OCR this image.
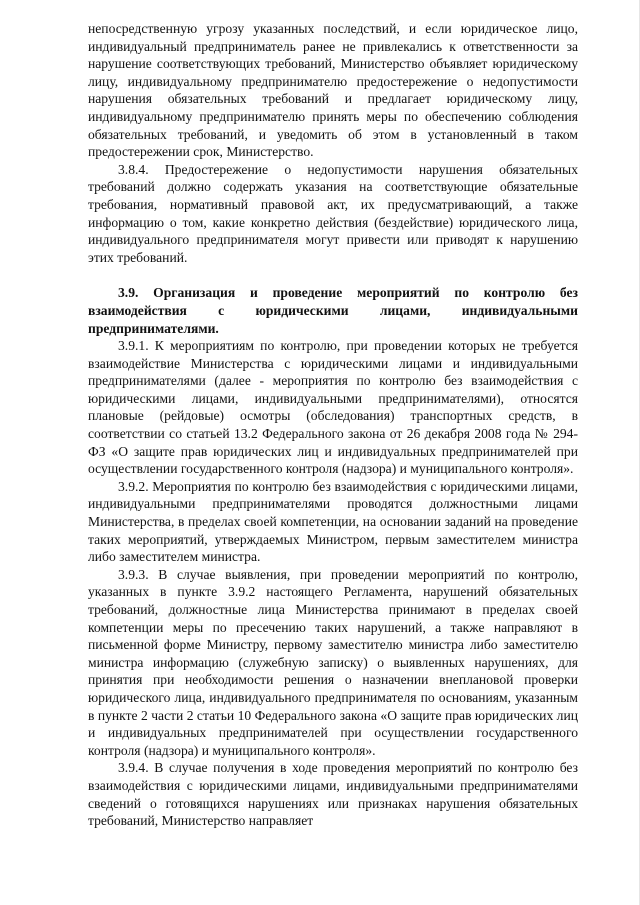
непосредственную угрозу указанных последствий, и если юридическое лицо, индивидуальный предприниматель ранее не привлекались к ответственности за нарушение соответствующих требований, Министерство объявляет юридическому лицу, индивидуальному предпринимателю предостережение о недопустимости нарушения обязательных требований и предлагает юридическому лицу, индивидуальному предпринимателю принять меры по обеспечению соблюдения обязательных требований, и уведомить об этом в установленный в таком предостережении срок, Министерство.

3.8.4. Предостережение о недопустимости нарушения обязательных требований должно содержать указания на соответствующие обязательные требования, нормативный правовой акт, их предусматривающий, а также информацию о том, какие конкретно действия (бездействие) юридического лица, индивидуального предпринимателя могут привести или приводят к нарушению этих требований.

3.9. Организация и проведение мероприятий по контролю без взаимодействия с юридическими лицами, индивидуальными предпринимателями.

3.9.1. К мероприятиям по контролю, при проведении которых не требуется взаимодействие Министерства с юридическими лицами и индивидуальными предпринимателями (далее - мероприятия по контролю без взаимодействия с юридическими лицами, индивидуальными предпринимателями), относятся плановые (рейдовые) осмотры (обследования) транспортных средств, в соответствии со статьей 13.2 Федерального закона от 26 декабря 2008 года № 294-ФЗ «О защите прав юридических лиц и индивидуальных предпринимателей при осуществлении государственного контроля (надзора) и муниципального контроля».

3.9.2. Мероприятия по контролю без взаимодействия с юридическими лицами, индивидуальными предпринимателями проводятся должностными лицами Министерства, в пределах своей компетенции, на основании заданий на проведение таких мероприятий, утверждаемых Министром, первым заместителем министра либо заместителем министра.

3.9.3. В случае выявления, при проведении мероприятий по контролю, указанных в пункте 3.9.2 настоящего Регламента, нарушений обязательных требований, должностные лица Министерства принимают в пределах своей компетенции меры по пресечению таких нарушений, а также направляют в письменной форме Министру, первому заместителю министра либо заместителю министра информацию (служебную записку) о выявленных нарушениях, для принятия при необходимости решения о назначении внеплановой проверки юридического лица, индивидуального предпринимателя по основаниям, указанным в пункте 2 части 2 статьи 10 Федерального закона «О защите прав юридических лиц и индивидуальных предпринимателей при осуществлении государственного контроля (надзора) и муниципального контроля».

3.9.4. В случае получения в ходе проведения мероприятий по контролю без взаимодействия с юридическими лицами, индивидуальными предпринимателями сведений о готовящихся нарушениях или признаках нарушения обязательных требований, Министерство направляет
